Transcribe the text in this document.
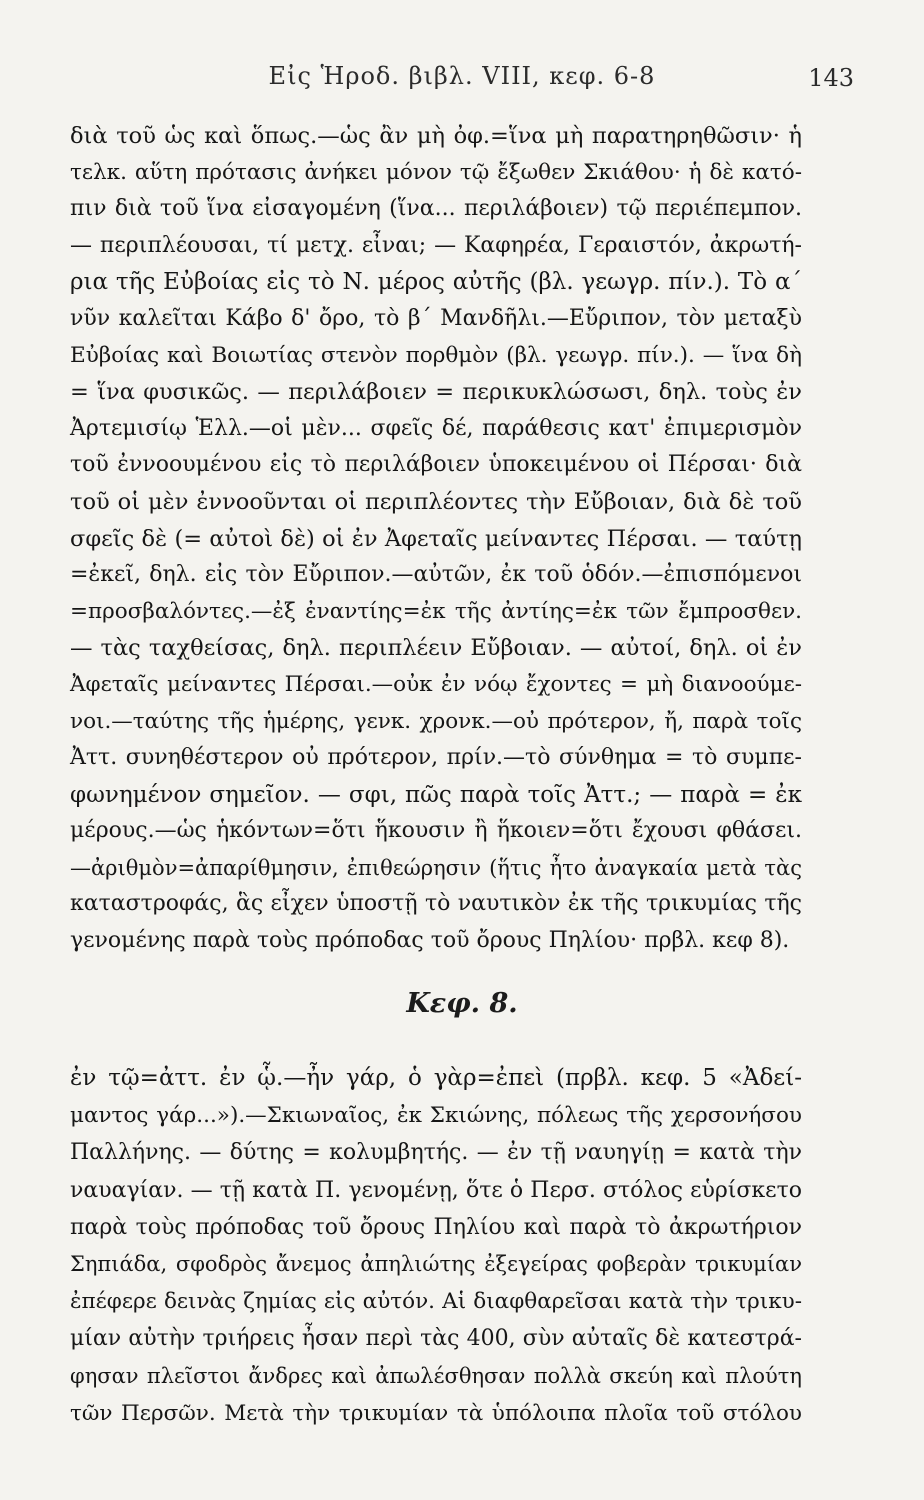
Εἰς Ἡροδ. βιβλ. VIII, κεφ. 6-8	143
διὰ τοῦ ὡς καὶ ὅπως.—ὡς ἂν μὴ ὀφ.=ἵνα μὴ παρατηρηθῶσιν· ἡ
τελκ. αὕτη πρότασις ἀνήκει μόνον τῷ ἔξωθεν Σκιάθου· ἡ δὲ κατό-
πιν διὰ τοῦ ἵνα εἰσαγομένη (ἵνα... περιλάβοιεν) τῷ περιέπεμπον.
— περιπλέουσαι, τί μετχ. εἶναι; — Καφηρέα, Γεραιστόν, ἀκρωτή-
ρια τῆς Εὐβοίας εἰς τὸ Ν. μέρος αὐτῆς (βλ. γεωγρ. πίν.). Τὸ α΄
νῦν καλεῖται Κάβο δ' ὄρο, τὸ β΄ Μανδῆλι.—Εὔριπον, τὸν μεταξὺ
Εὐβοίας καὶ Βοιωτίας στενὸν πορθμὸν (βλ. γεωγρ. πίν.). — ἵνα δὴ
= ἵνα φυσικῶς. — περιλάβοιεν = περικυκλώσωσι, δηλ. τοὺς ἐν
Ἀρτεμισίῳ Ἑλλ.—οἱ μὲν... σφεῖς δέ, παράθεσις κατ' ἐπιμερισμὸν
τοῦ ἐννοουμένου εἰς τὸ περιλάβοιεν ὑποκειμένου οἱ Πέρσαι· διὰ
τοῦ οἱ μὲν ἐννοοῦνται οἱ περιπλέοντες τὴν Εὔβοιαν, διὰ δὲ τοῦ
σφεῖς δὲ (= αὐτοὶ δὲ) οἱ ἐν Ἀφεταῖς μείναντες Πέρσαι. — ταύτῃ
=ἐκεῖ, δηλ. εἰς τὸν Εὔριπον.—αὐτῶν, ἐκ τοῦ ὁδόν.—ἐπισπόμενοι
=προσβαλόντες.—ἐξ ἐναντίης=ἐκ τῆς ἀντίης=ἐκ τῶν ἔμπροσθεν.
— τὰς ταχθείσας, δηλ. περιπλέειν Εὔβοιαν. — αὐτοί, δηλ. οἱ ἐν
Ἀφεταῖς μείναντες Πέρσαι.—οὐκ ἐν νόῳ ἔχοντες = μὴ διανοούμε-
νοι.—ταύτης τῆς ἡμέρης, γενκ. χρονκ.—οὐ πρότερον, ἤ, παρὰ τοῖς
Ἀττ. συνηθέστερον οὐ πρότερον, πρίν.—τὸ σύνθημα = τὸ συμπε-
φωνημένον σημεῖον. — σφι, πῶς παρὰ τοῖς Ἀττ.; — παρὰ = ἐκ
μέρους.—ὡς ἡκόντων=ὅτι ἥκουσιν ἢ ἥκοιεν=ὅτι ἔχουσι φθάσει.
—ἀριθμὸν=ἀπαρίθμησιν, ἐπιθεώρησιν (ἥτις ἦτο ἀναγκαία μετὰ τὰς
καταστροφάς, ἃς εἶχεν ὑποστῇ τὸ ναυτικὸν ἐκ τῆς τρικυμίας τῆς
γενομένης παρὰ τοὺς πρόποδας τοῦ ὄρους Πηλίου· πρβλ. κεφ 8).
Κεφ. 8.
ἐν τῷ=ἀττ. ἐν ᾧ.—ἦν γάρ, ὁ γὰρ=ἐπεὶ (πρβλ. κεφ. 5 «Ἀδεί-
μαντος γάρ...»).—Σκιωναῖος, ἐκ Σκιώνης, πόλεως τῆς χερσονήσου
Παλλήνης. — δύτης = κολυμβητής. — ἐν τῇ ναυηγίῃ = κατὰ τὴν
ναυαγίαν. — τῇ κατὰ Π. γενομένῃ, ὅτε ὁ Περσ. στόλος εὑρίσκετο
παρὰ τοὺς πρόποδας τοῦ ὄρους Πηλίου καὶ παρὰ τὸ ἀκρωτήριον
Σηπιάδα, σφοδρὸς ἄνεμος ἀπηλιώτης ἐξεγείρας φοβερὰν τρικυμίαν
ἐπέφερε δεινὰς ζημίας εἰς αὐτόν. Αἱ διαφθαρεῖσαι κατὰ τὴν τρικυ-
μίαν αὐτὴν τριήρεις ἦσαν περὶ τὰς 400, σὺν αὐταῖς δὲ κατεστρά-
φησαν πλεῖστοι ἄνδρες καὶ ἀπωλέσθησαν πολλὰ σκεύη καὶ πλούτη
τῶν Περσῶν. Μετὰ τὴν τρικυμίαν τὰ ὑπόλοιπα πλοῖα τοῦ στόλου
